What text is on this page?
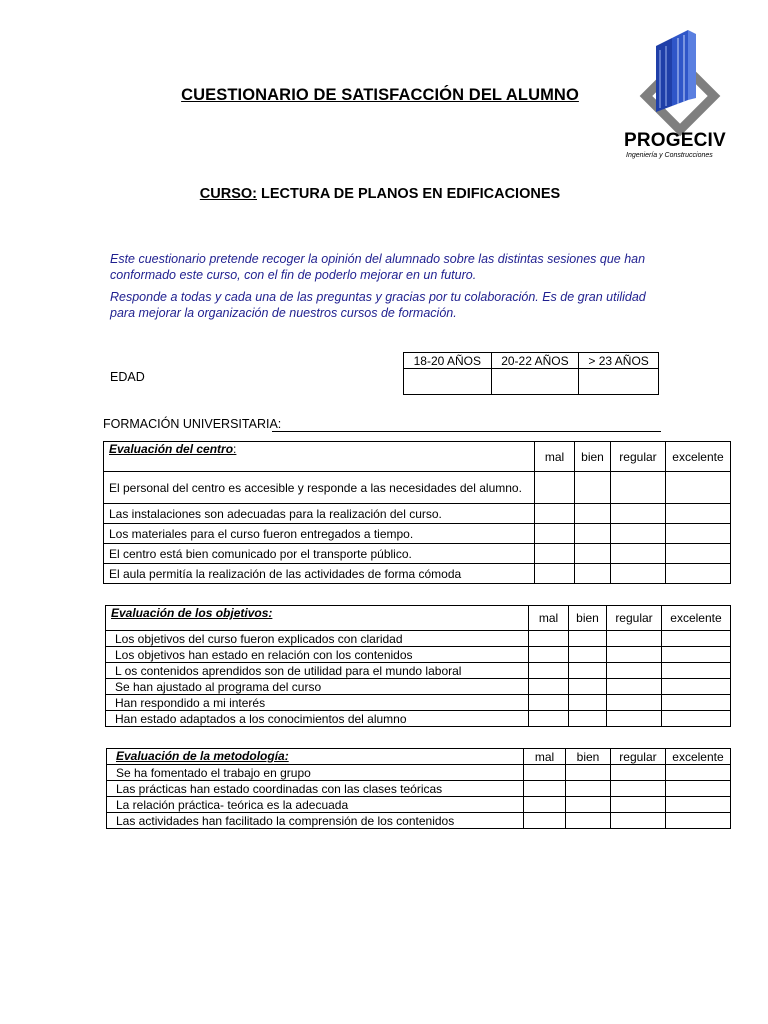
CUESTIONARIO DE SATISFACCIÓN DEL ALUMNO
PROGECIV
Ingeniería y Construcciones
CURSO: LECTURA DE PLANOS EN EDIFICACIONES
Este cuestionario pretende recoger la opinión del alumnado sobre las distintas sesiones que han conformado este curso, con el fin de poderlo mejorar en un futuro.
Responde a todas y cada una de las preguntas y gracias por tu colaboración. Es de gran utilidad para mejorar la organización de nuestros cursos de formación.
EDAD
18-20 AÑOS	20-22 AÑOS	> 23 AÑOS

FORMACIÓN UNIVERSITARIA:
Evaluación del centro:	mal	bien	regular	excelente
El personal del centro es accesible y responde a las necesidades del alumno.				
Las instalaciones son adecuadas para la realización del curso.				
Los materiales para el curso fueron entregados a tiempo.				
El centro está bien comunicado por el transporte público.				
El aula permitía la realización de las actividades de forma cómoda				
Evaluación de los objetivos:	mal	bien	regular	excelente
Los objetivos del curso fueron explicados con claridad				
Los objetivos han estado en relación con los contenidos				
L os contenidos aprendidos son de utilidad para el mundo laboral				
Se han ajustado al programa del curso				
Han respondido a mi interés				
Han estado adaptados a los conocimientos del alumno				
Evaluación de la metodología:	mal	bien	regular	excelente
Se ha fomentado el trabajo en grupo				
Las prácticas han estado coordinadas con las clases teóricas				
La relación práctica- teórica es la adecuada				
Las actividades han facilitado la comprensión de los contenidos				
